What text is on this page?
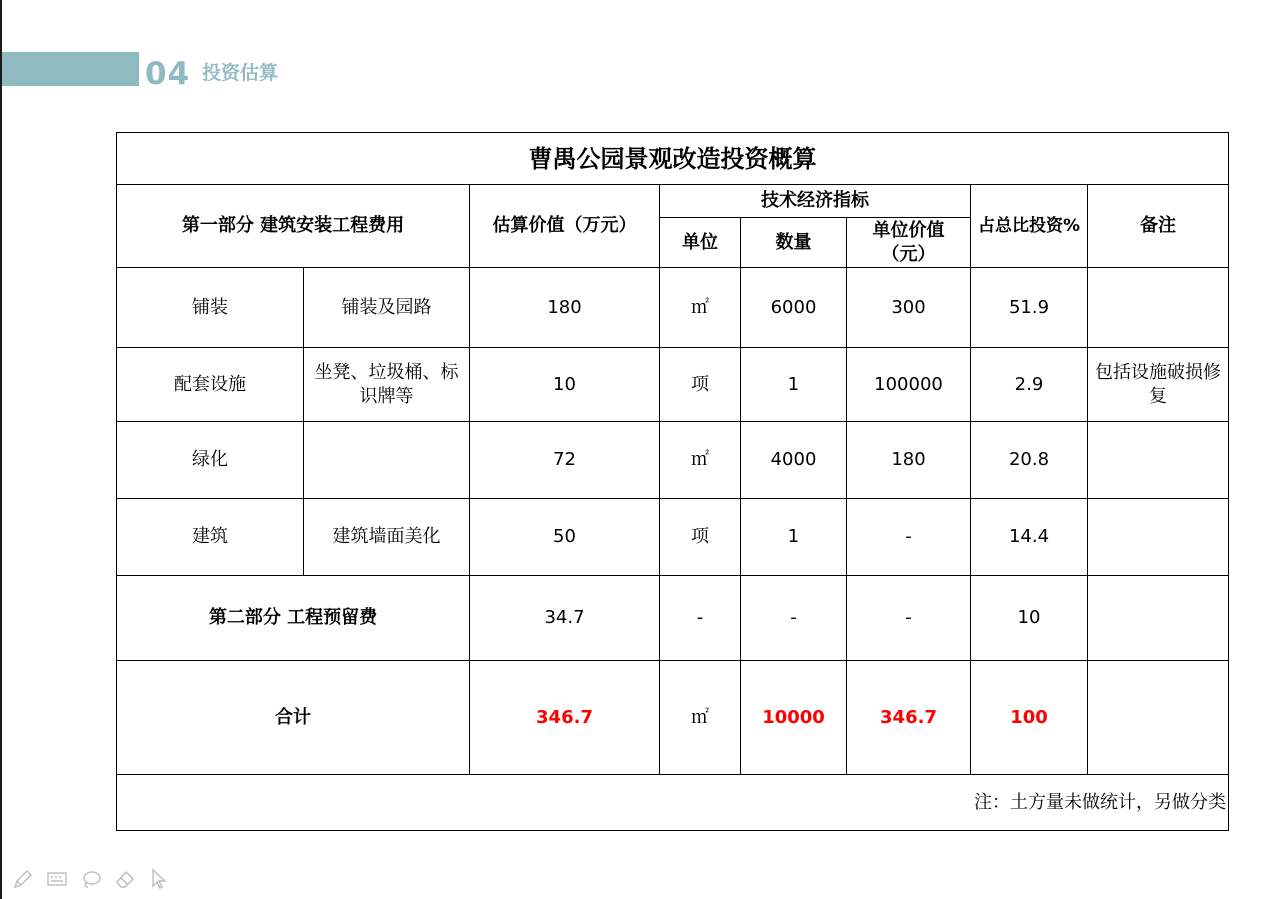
04 投资估算
曹禺公园景观改造投资概算							
第一部分 建筑安装工程费用		估算价值（万元）	技术经济指标			占总比投资%	备注
			单位	数量	单位价值（元）		
铺装	铺装及园路	180	㎡	6000	300	51.9	
配套设施	坐凳、垃圾桶、标识牌等	10	项	1	100000	2.9	包括设施破损修复
绿化		72	㎡	4000	180	20.8	
建筑	建筑墙面美化	50	项	1	-	14.4	
第二部分 工程预留费		34.7	-	-	-	10	
合计		346.7	㎡	10000	346.7	100	
注：土方量未做统计，另做分类							
